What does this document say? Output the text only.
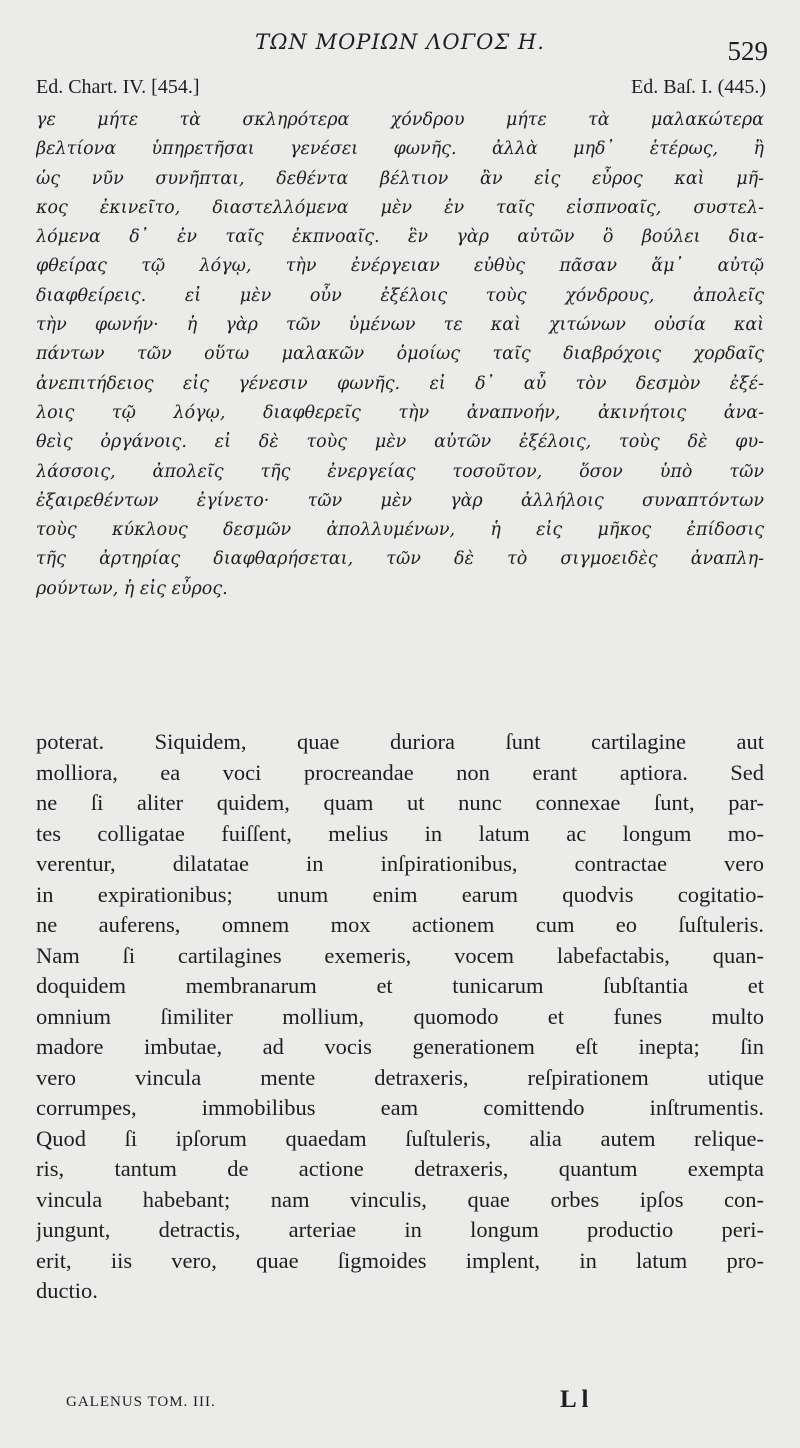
ΤΩΝ ΜΟΡΙΩΝ ΛΟΓΟΣ Η.	529
Ed. Chart. IV. [454.]	Ed. Baſ. I. (445.)
γε μήτε τὰ σκληρότερα χόνδρου μήτε τὰ μαλακώτερα
βελτίονα ὑπηρετῆσαι γενέσει φωνῆς. ἀλλὰ μηδ᾽ ἑτέρως, ἢ
ὡς νῦν συνῆπται, δεθέντα βέλτιον ἂν εἰς εὖρος καὶ μῆ-
κος ἐκινεῖτο, διαστελλόμενα μὲν ἐν ταῖς εἰσπνοαῖς, συστελ-
λόμενα δ᾽ ἐν ταῖς ἐκπνοαῖς. ἓν γὰρ αὐτῶν ὃ βούλει δια-
φθείρας τῷ λόγῳ, τὴν ἐνέργειαν εὐθὺς πᾶσαν ἅμ᾽ αὐτῷ
διαφθείρεις. εἰ μὲν οὖν ἐξέλοις τοὺς χόνδρους, ἀπολεῖς
τὴν φωνήν· ἡ γὰρ τῶν ὑμένων τε καὶ χιτώνων οὐσία καὶ
πάντων τῶν οὕτω μαλακῶν ὁμοίως ταῖς διαβρόχοις χορδαῖς
ἀνεπιτήδειος εἰς γένεσιν φωνῆς. εἰ δ᾽ αὖ τὸν δεσμὸν ἐξέ-
λοις τῷ λόγῳ, διαφθερεῖς τὴν ἀναπνοήν, ἀκινήτοις ἀνα-
θεὶς ὀργάνοις. εἰ δὲ τοὺς μὲν αὐτῶν ἐξέλοις, τοὺς δὲ φυ-
λάσσοις, ἀπολεῖς τῆς ἐνεργείας τοσοῦτον, ὅσον ὑπὸ τῶν
ἐξαιρεθέντων ἐγίνετο· τῶν μὲν γὰρ ἀλλήλοις συναπτόντων
τοὺς κύκλους δεσμῶν ἀπολλυμένων, ἡ εἰς μῆκος ἐπίδοσις
τῆς ἀρτηρίας διαφθαρήσεται, τῶν δὲ τὸ σιγμοειδὲς ἀναπλη-
ρούντων, ἡ εἰς εὖρος.
poterat. Siquidem, quae duriora ſunt cartilagine aut
molliora, ea voci procreandae non erant aptiora. Sed
ne ſi aliter quidem, quam ut nunc connexae ſunt, par-
tes colligatae fuiſſent, melius in latum ac longum mo-
verentur, dilatatae in inſpirationibus, contractae vero
in expirationibus; unum enim earum quodvis cogitatio-
ne auferens, omnem mox actionem cum eo ſuſtuleris.
Nam ſi cartilagines exemeris, vocem labefactabis, quan-
doquidem membranarum et tunicarum ſubſtantia et
omnium ſimiliter mollium, quomodo et funes multo
madore imbutae, ad vocis generationem eſt inepta; ſin
vero vincula mente detraxeris, reſpirationem utique
corrumpes, immobilibus eam comittendo inſtrumentis.
Quod ſi ipſorum quaedam ſuſtuleris, alia autem relique-
ris, tantum de actione detraxeris, quantum exempta
vincula habebant; nam vinculis, quae orbes ipſos con-
jungunt, detractis, arteriae in longum productio peri-
erit, iis vero, quae ſigmoides implent, in latum pro-
ductio.
GALENUS TOM. III.	L l
